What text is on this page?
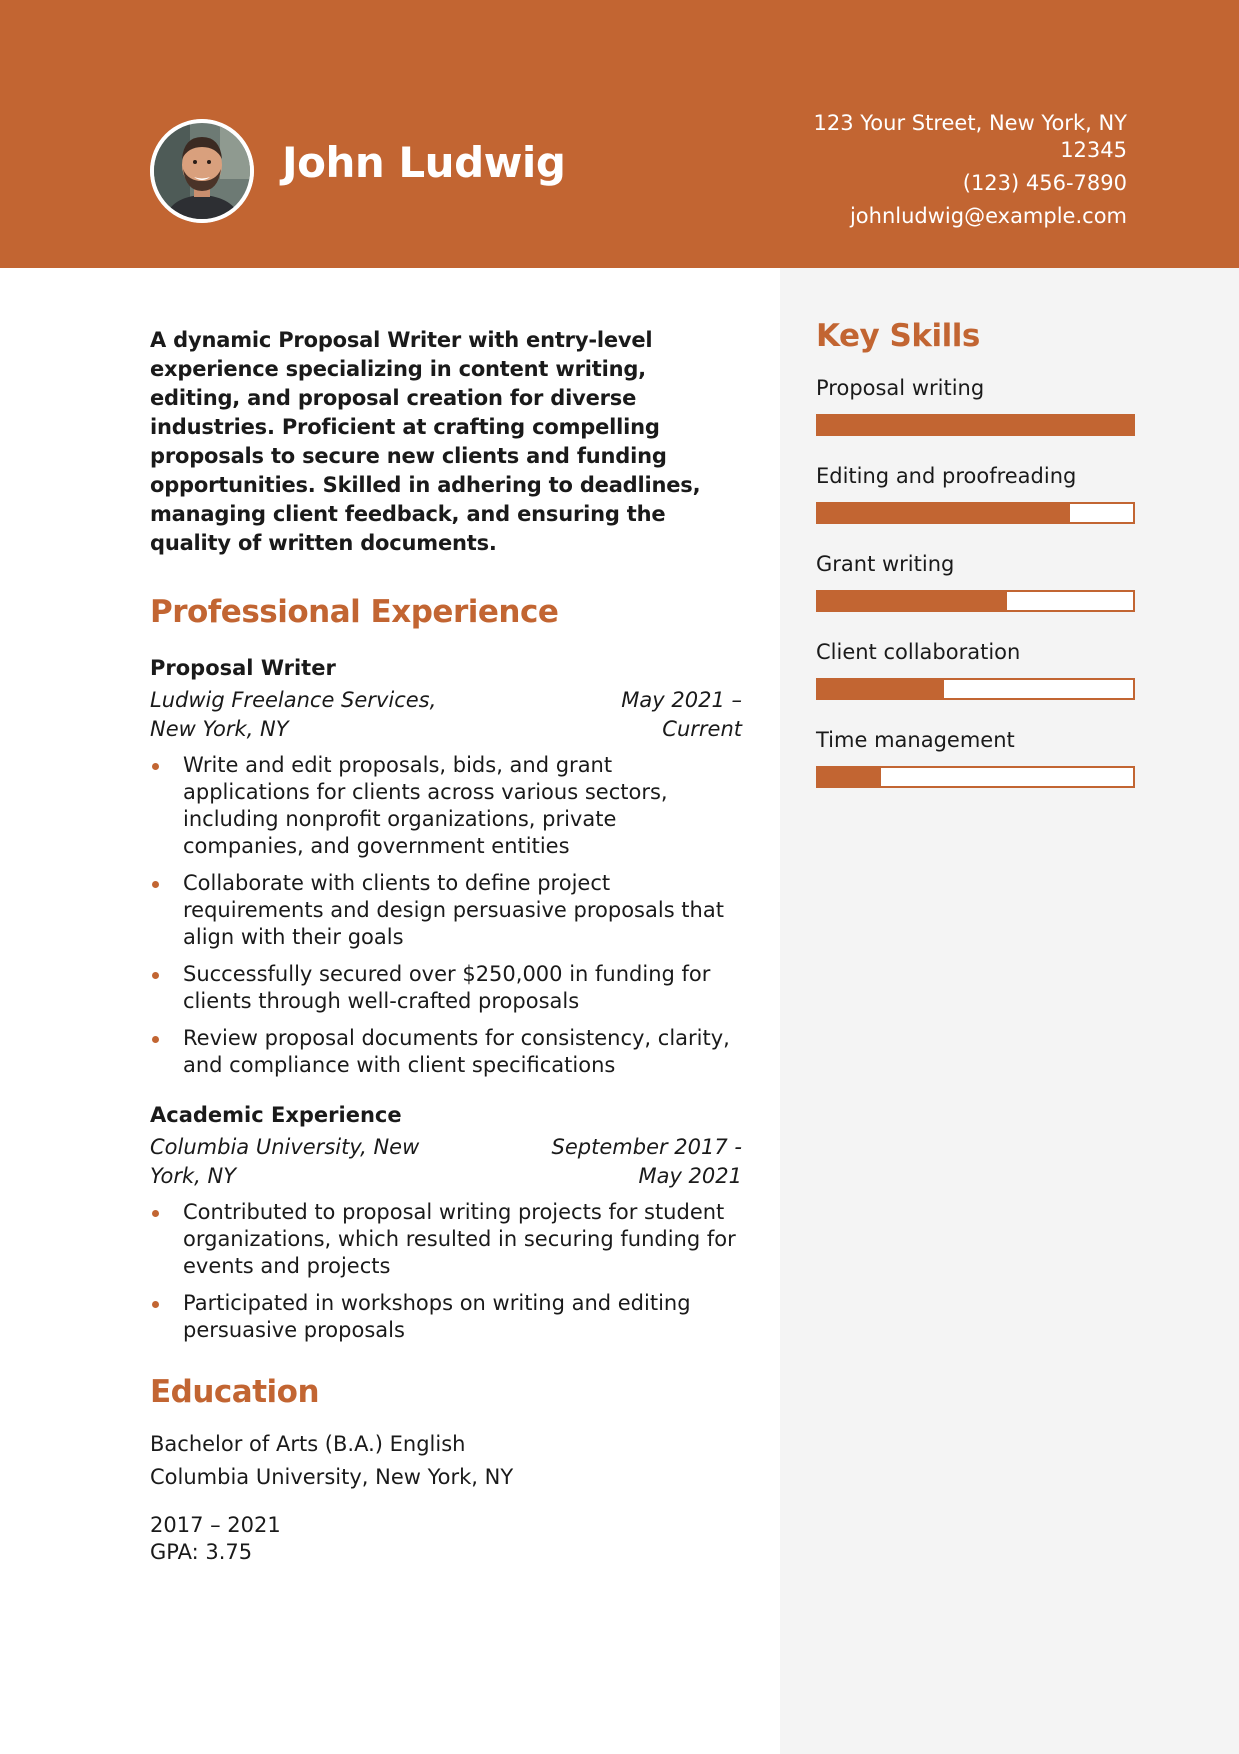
John Ludwig
123 Your Street, New York, NY 12345
(123) 456-7890
johnludwig@example.com

A dynamic Proposal Writer with entry-level experience specializing in content writing, editing, and proposal creation for diverse industries. Proficient at crafting compelling proposals to secure new clients and funding opportunities. Skilled in adhering to deadlines, managing client feedback, and ensuring the quality of written documents.

Professional Experience
Proposal Writer
Ludwig Freelance Services, New York, NY
May 2021 – Current
Write and edit proposals, bids, and grant applications for clients across various sectors, including nonprofit organizations, private companies, and government entities
Collaborate with clients to define project requirements and design persuasive proposals that align with their goals
Successfully secured over $250,000 in funding for clients through well-crafted proposals
Review proposal documents for consistency, clarity, and compliance with client specifications
Academic Experience
Columbia University, New York, NY
September 2017 - May 2021
Contributed to proposal writing projects for student organizations, which resulted in securing funding for events and projects
Participated in workshops on writing and editing persuasive proposals
Education
Bachelor of Arts (B.A.) English
Columbia University, New York, NY
2017 – 2021
GPA: 3.75
Key Skills

Proposal writing

Editing and proofreading

Grant writing

Client collaboration

Time management
